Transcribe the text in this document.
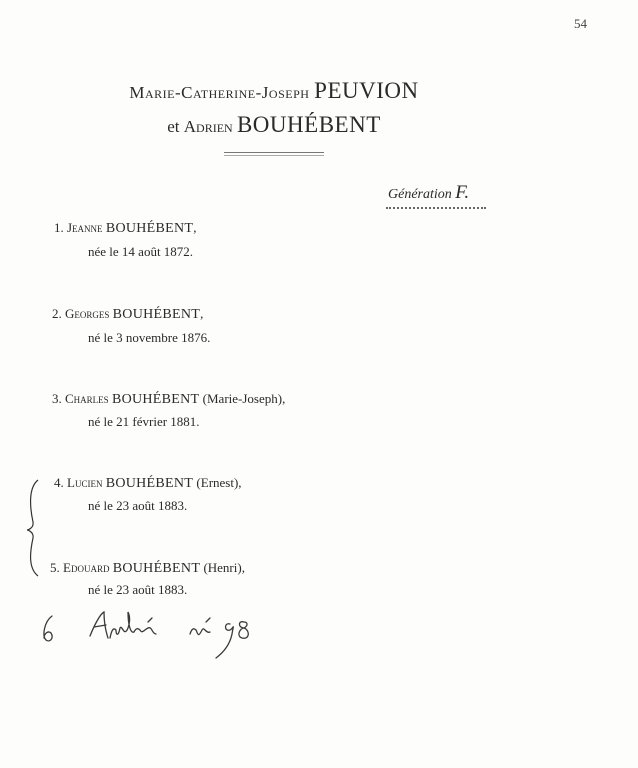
54
Marie-Catherine-Joseph PEUVION
et Adrien BOUHÉBENT
Génération F.
1. Jeanne BOUHÉBENT,
née le 14 août 1872.
2. Georges BOUHÉBENT,
né le 3 novembre 1876.
3. Charles BOUHÉBENT (Marie-Joseph),
né le 21 février 1881.
4. Lucien BOUHÉBENT (Ernest),
né le 23 août 1883.
5. Edouard BOUHÉBENT (Henri),
né le 23 août 1883.
6
André né 98
